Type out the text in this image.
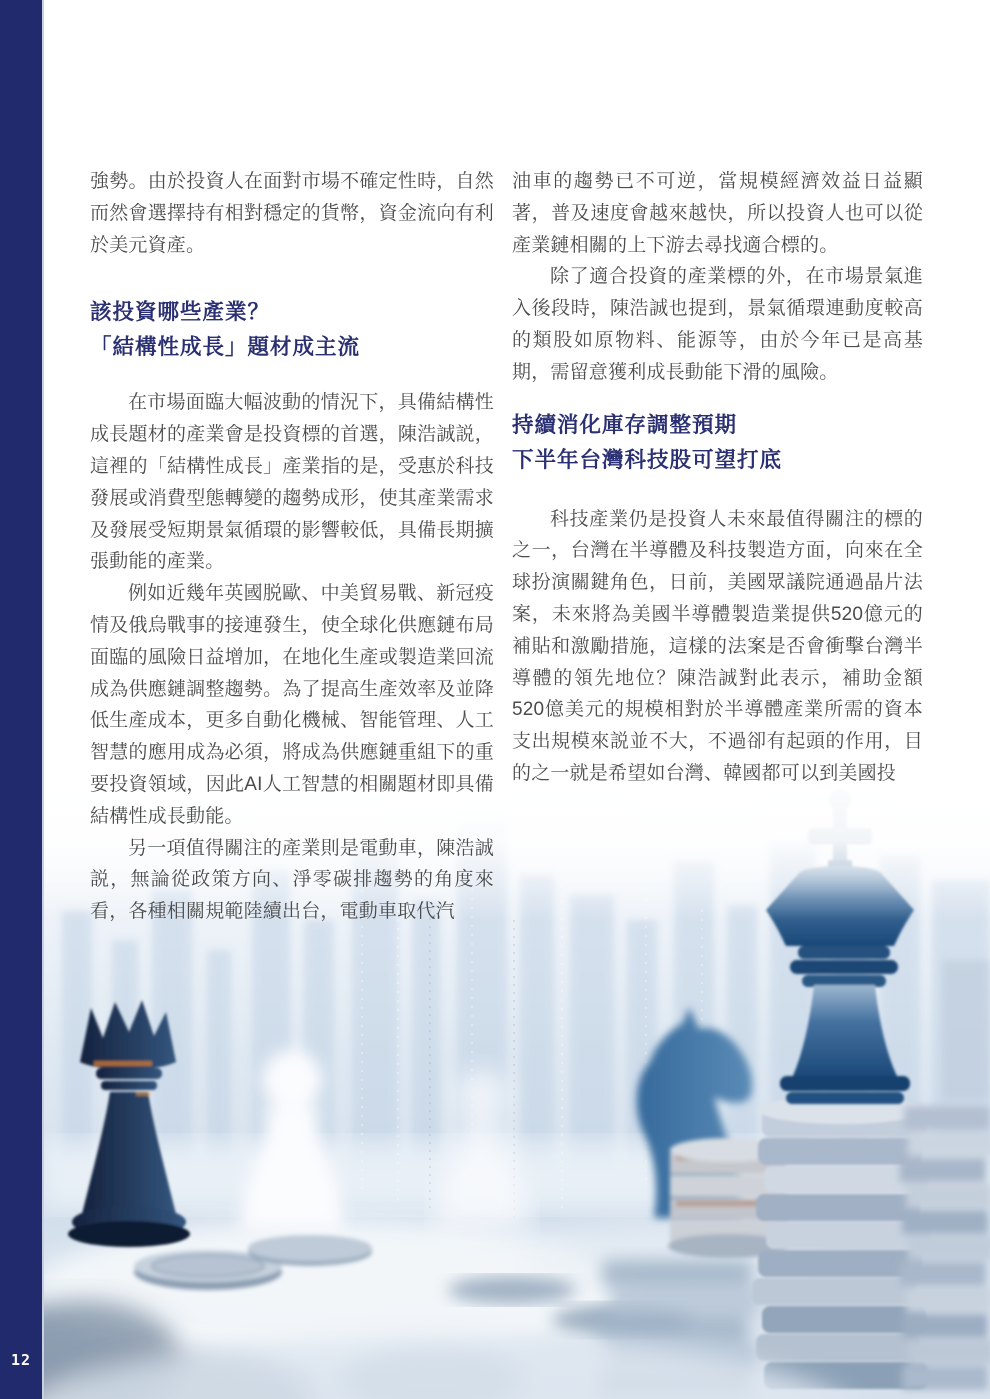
強勢。由於投資人在面對市場不確定性時，自然而然會選擇持有相對穩定的貨幣，資金流向有利於美元資產。

該投資哪些產業？
「結構性成長」題材成主流

在市場面臨大幅波動的情況下，具備結構性成長題材的產業會是投資標的首選，陳浩誠説，這裡的「結構性成長」產業指的是，受惠於科技發展或消費型態轉變的趨勢成形，使其產業需求及發展受短期景氣循環的影響較低，具備長期擴張動能的產業。

例如近幾年英國脱歐、中美貿易戰、新冠疫情及俄烏戰事的接連發生，使全球化供應鏈布局面臨的風險日益增加，在地化生產或製造業回流成為供應鏈調整趨勢。為了提高生產效率及並降低生產成本，更多自動化機械、智能管理、人工智慧的應用成為必須，將成為供應鏈重組下的重要投資領域，因此AI人工智慧的相關題材即具備結構性成長動能。

另一項值得關注的產業則是電動車，陳浩誠説，無論從政策方向、淨零碳排趨勢的角度來看，各種相關規範陸續出台，電動車取代汽

油車的趨勢已不可逆，當規模經濟效益日益顯著，普及速度會越來越快，所以投資人也可以從產業鏈相關的上下游去尋找適合標的。

除了適合投資的產業標的外，在市場景氣進入後段時，陳浩誠也提到，景氣循環連動度較高的類股如原物料、能源等，由於今年已是高基期，需留意獲利成長動能下滑的風險。

持續消化庫存調整預期
下半年台灣科技股可望打底

科技產業仍是投資人未來最值得關注的標的之一，台灣在半導體及科技製造方面，向來在全球扮演關鍵角色，日前，美國眾議院通過晶片法案，未來將為美國半導體製造業提供520億元的補貼和激勵措施，這樣的法案是否會衝擊台灣半導體的領先地位？陳浩誠對此表示，補助金額520億美元的規模相對於半導體產業所需的資本支出規模來説並不大，不過卻有起頭的作用，目的之一就是希望如台灣、韓國都可以到美國投

12
